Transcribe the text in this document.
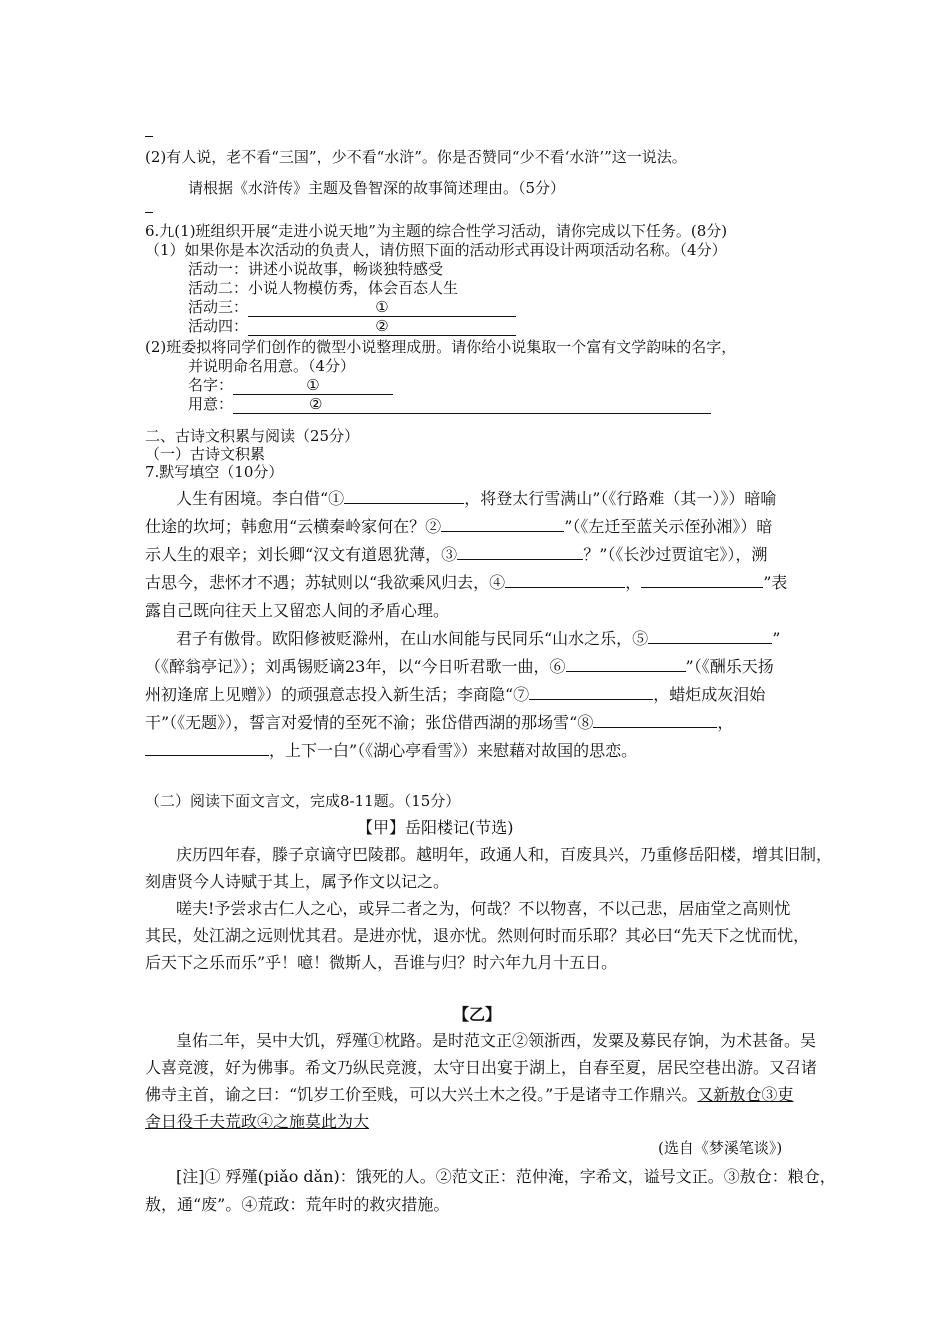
(2)有人说，老不看“三国”，少不看“水浒”。你是否赞同“少不看‘水浒’”这一说法。
请根据《水浒传》主题及鲁智深的故事简述理由。（5分）
6.九(1)班组织开展“走进小说天地”为主题的综合性学习活动，请你完成以下任务。(8分)
（1）如果你是本次活动的负责人，请仿照下面的活动形式再设计两项活动名称。（4分）
活动一：讲述小说故事，畅谈独特感受
活动二：小说人物模仿秀，体会百态人生
活动三：	①
活动四：	②
(2)班委拟将同学们创作的微型小说整理成册。请你给小说集取一个富有文学韵味的名字，
并说明命名用意。（4分）
名字：	①
用意：	②
二、古诗文积累与阅读（25分）
（一）古诗文积累
7.默写填空（10分）
人生有困境。李白借“①	，将登太行雪满山”（《行路难（其一）》）暗喻
仕途的坎坷；韩愈用“云横秦岭家何在？②	”（《左迁至蓝关示侄孙湘》）暗
示人生的艰辛；刘长卿“汉文有道恩犹薄，③	？”（《长沙过贾谊宅》），溯
古思今，悲怀才不遇；苏轼则以“我欲乘风归去，④	，	”表
露自己既向往天上又留恋人间的矛盾心理。
君子有傲骨。欧阳修被贬滁州，在山水间能与民同乐“山水之乐，⑤	”
（《醉翁亭记》）；刘禹锡贬谪23年，以“今日听君歌一曲，⑥	”（《酬乐天扬
州初逢席上见赠》）的顽强意志投入新生活；李商隐“⑦	，蜡炬成灰泪始
干”（《无题》），誓言对爱情的至死不渝；张岱借西湖的那场雪“⑧	，
，上下一白”（《湖心亭看雪》）来慰藉对故国的思恋。
（二）阅读下面文言文，完成8-11题。（15分）
【甲】岳阳楼记(节选)
庆历四年春，滕子京谪守巴陵郡。越明年，政通人和，百废具兴，乃重修岳阳楼，增其旧制，
刻唐贤今人诗赋于其上，属予作文以记之。
嗟夫!予尝求古仁人之心，或异二者之为，何哉？不以物喜，不以己悲，居庙堂之高则忧
其民，处江湖之远则忧其君。是进亦忧，退亦忧。然则何时而乐耶？其必曰“先天下之忧而忧，
后天下之乐而乐”乎！噫！微斯人，吾谁与归？时六年九月十五日。
【乙】
皇佑二年，吴中大饥，殍殣①枕路。是时范文正②领浙西，发粟及募民存饷，为术甚备。吴
人喜竞渡，好为佛事。希文乃纵民竞渡，太守日出宴于湖上，自春至夏，居民空巷出游。又召诸
佛寺主首，谕之曰：“饥岁工价至贱，可以大兴土木之役。”于是诸寺工作鼎兴。又新敖仓③吏
舍日役千夫荒政④之施莫此为大
(选自《梦溪笔谈》)
[注]① 殍殣(piǎo dǎn)：饿死的人。②范文正：范仲淹，字希文，谥号文正。③敖仓：粮仓，
敖，通“废”。④荒政：荒年时的救灾措施。
